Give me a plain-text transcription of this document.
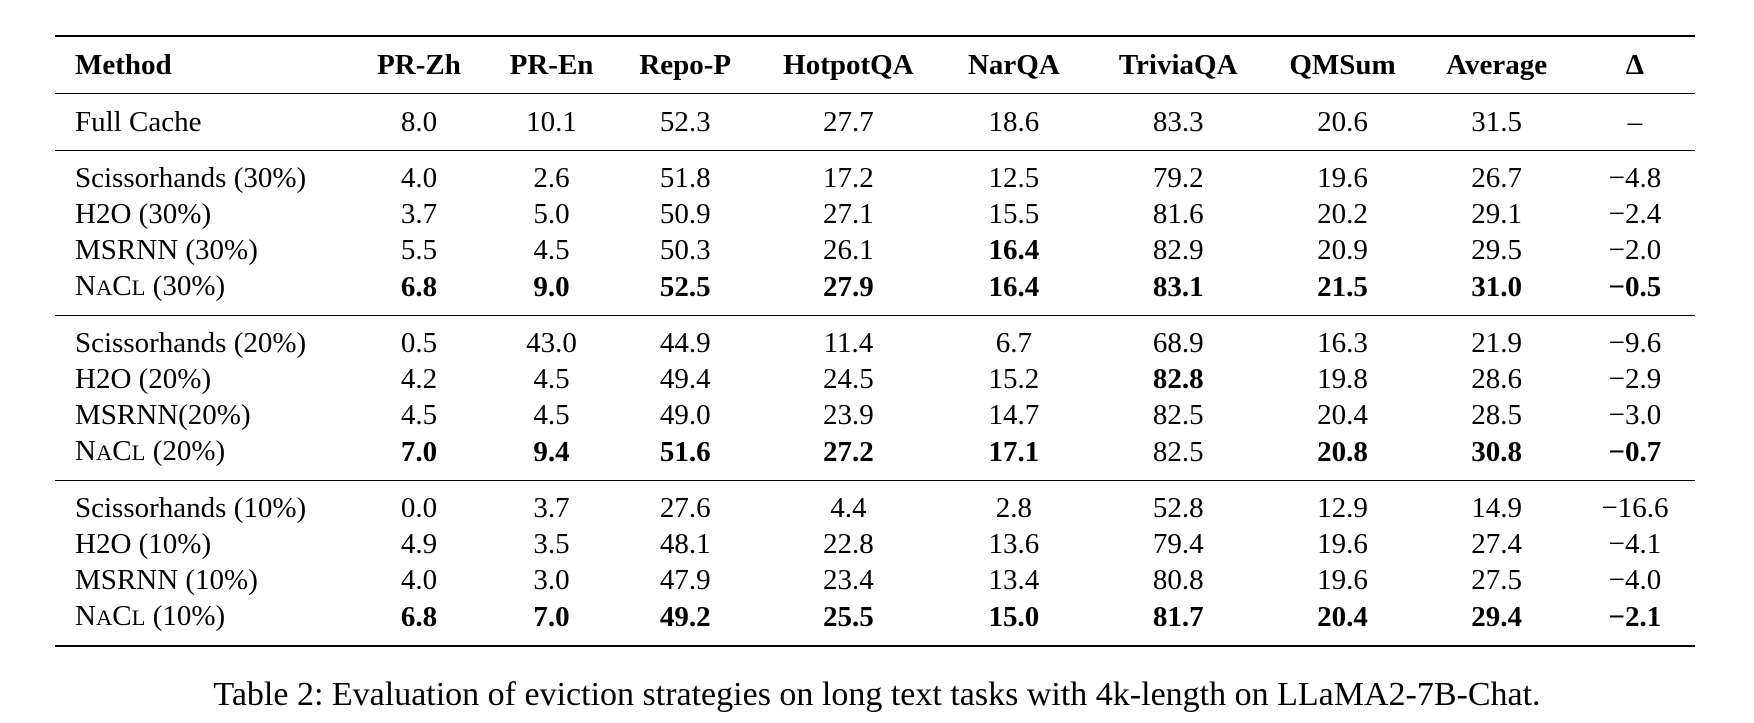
Method	PR-Zh	PR-En	Repo-P	HotpotQA	NarQA	TriviaQA	QMSum	Average	Δ
Full Cache	8.0	10.1	52.3	27.7	18.6	83.3	20.6	31.5	–
Scissorhands (30%)	4.0	2.6	51.8	17.2	12.5	79.2	19.6	26.7	−4.8
H2O (30%)	3.7	5.0	50.9	27.1	15.5	81.6	20.2	29.1	−2.4
MSRNN (30%)	5.5	4.5	50.3	26.1	16.4	82.9	20.9	29.5	−2.0
NACL (30%)	6.8	9.0	52.5	27.9	16.4	83.1	21.5	31.0	−0.5
Scissorhands (20%)	0.5	43.0	44.9	11.4	6.7	68.9	16.3	21.9	−9.6
H2O (20%)	4.2	4.5	49.4	24.5	15.2	82.8	19.8	28.6	−2.9
MSRNN(20%)	4.5	4.5	49.0	23.9	14.7	82.5	20.4	28.5	−3.0
NACL (20%)	7.0	9.4	51.6	27.2	17.1	82.5	20.8	30.8	−0.7
Scissorhands (10%)	0.0	3.7	27.6	4.4	2.8	52.8	12.9	14.9	−16.6
H2O (10%)	4.9	3.5	48.1	22.8	13.6	79.4	19.6	27.4	−4.1
MSRNN (10%)	4.0	3.0	47.9	23.4	13.4	80.8	19.6	27.5	−4.0
NACL (10%)	6.8	7.0	49.2	25.5	15.0	81.7	20.4	29.4	−2.1
Table 2: Evaluation of eviction strategies on long text tasks with 4k-length on LLaMA2-7B-Chat.
